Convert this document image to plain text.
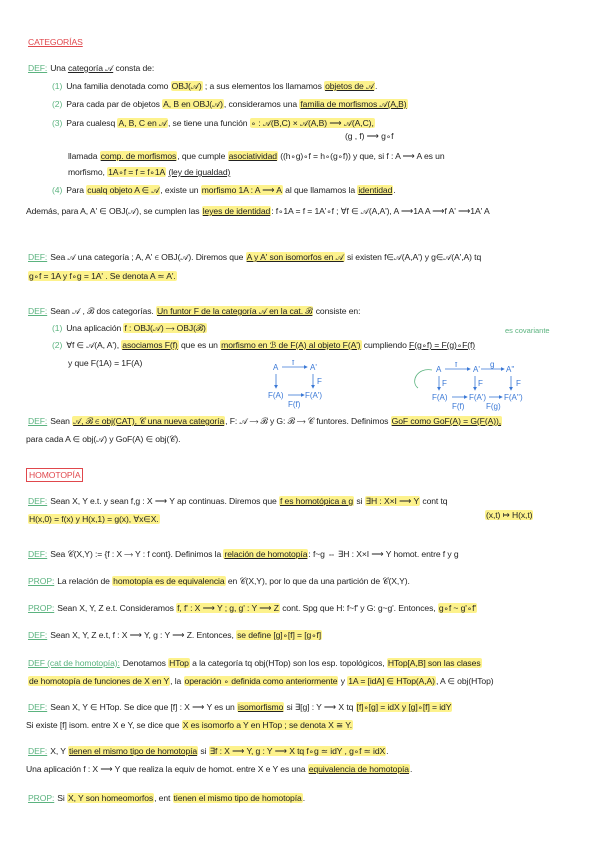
CATEGORÍAS
DEF: Una categoría 𝒜 consta de:
(1) Una familia denotada como OBJ(𝒜) ; a sus elementos los llamamos objetos de 𝒜.
(2) Para cada par de objetos A, B en OBJ(𝒜), consideramos una familia de morfismos 𝒜(A,B)
(3) Para cualesq A, B, C en 𝒜, se tiene una función ∘ : 𝒜(B,C) × 𝒜(A,B) ⟶ 𝒜(A,C),
(g , f) ⟶ g∘f
llamada comp. de morfismos, que cumple asociatividad ((h∘g)∘f = h∘(g∘f)) y que, si f : A ⟶ A es un
morfismo, 1A∘f = f = f∘1A (ley de igualdad)
(4) Para cualq objeto A ∈ 𝒜, existe un morfismo 1A : A ⟶ A al que llamamos la identidad.
Además, para A, A' ∈ OBJ(𝒜), se cumplen las leyes de identidad: f∘1A = f = 1A'∘f ; ∀f ∈ 𝒜(A,A'), A ⟶1A A ⟶f A' ⟶1A' A
DEF: Sea 𝒜 una categoría ; A, A' ∈ OBJ(𝒜). Diremos que A y A' son isomorfos en 𝒜 si existen f∈𝒜(A,A') y g∈𝒜(A',A) tq
g∘f = 1A y f∘g = 1A' . Se denota A ≃ A'.
DEF: Sean 𝒜 , ℬ dos categorías. Un funtor F de la categoría 𝒜 en la cat. ℬ consiste en:
(1) Una aplicación f : OBJ(𝒜) ⟶ OBJ(ℬ)
(2) ∀f ∈ 𝒜(A, A'), asociamos F(f) que es un morfismo en ℬ de F(A) al objeto F(A') cumpliendo F(g∘f) = F(g)∘F(f)
y que F(1A) = 1F(A)
DEF: Sean 𝒜, ℬ ∈ obj(CAT), 𝒞 una nueva categoría, F: 𝒜 ⟶ ℬ y G: ℬ ⟶ 𝒞 funtores. Definimos GoF como GoF(A) = G(F(A)),
para cada A ∈ obj(𝒜) y GoF(A) ∈ obj(𝒞).
HOMOTOPÍA
DEF: Sean X, Y e.t. y sean f,g : X ⟶ Y ap continuas. Diremos que f es homotópica a g si ∃H : X×I ⟶ Y cont tq
(x,t) ↦ H(x,t)
H(x,0) = f(x) y H(x,1) = g(x), ∀x∈X.
DEF: Sea 𝒞(X,Y) := {f : X ⟶ Y : f cont}. Definimos la relación de homotopía: f~g ⇔ ∃H : X×I ⟶ Y homot. entre f y g
PROP: La relación de homotopía es de equivalencia en 𝒞(X,Y), por lo que da una partición de 𝒞(X,Y).
PROP: Sean X, Y, Z e.t. Consideramos f, f' : X ⟶ Y ; g, g' : Y ⟶ Z cont. Spg que H: f~f' y G: g~g'. Entonces, g∘f ~ g'∘f'
DEF: Sean X, Y, Z e.t, f : X ⟶ Y, g : Y ⟶ Z. Entonces, se define [g]∘[f] = [g∘f]
DEF (cat de homotopía): Denotamos HTop a la categoría tq obj(HTop) son los esp. topológicos, HTop[A,B] son las clases
de homotopía de funciones de X en Y, la operación ∘ definida como anteriormente y 1A = [idA] ∈ HTop(A,A), A ∈ obj(HTop)
DEF: Sean X, Y ∈ HTop. Se dice que [f] : X ⟶ Y es un isomorfismo si ∃[g] : Y ⟶ X tq [f]∘[g] = idX y [g]∘[f] = idY
Si existe [f] isom. entre X e Y, se dice que X es isomorfo a Y en HTop ; se denota X ≅ Y.
DEF: X, Y tienen el mismo tipo de homotopía si ∃f : X ⟶ Y, g : Y ⟶ X tq f∘g ≃ idY , g∘f ≃ idX.
Una aplicación f : X ⟶ Y que realiza la equiv de homot. entre X e Y es una equivalencia de homotopía.
PROP: Si X, Y son homeomorfos, ent tienen el mismo tipo de homotopía.
es covariante
A	A'
f
F
F(A)	F(A')
F(f)
A	A'	A''
f	g
F	F	F
F(A)	F(A') F(A'')
F(f)	F(g)
